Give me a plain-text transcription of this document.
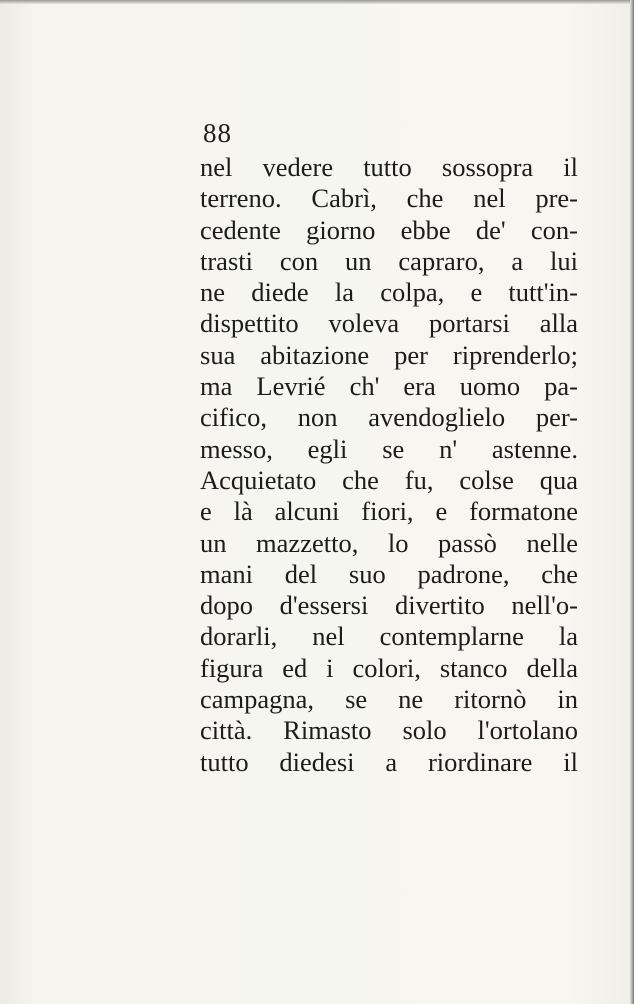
88
nel vedere tutto sossopra il
terreno. Cabrì, che nel pre-
cedente giorno ebbe de' con-
trasti con un capraro, a lui
ne diede la colpa, e tutt'in-
dispettito voleva portarsi alla
sua abitazione per riprenderlo;
ma Levrié ch' era uomo pa-
cifico, non avendoglielo per-
messo, egli se n' astenne.
Acquietato che fu, colse qua
e là alcuni fiori, e formatone
un mazzetto, lo passò nelle
mani del suo padrone, che
dopo d'essersi divertito nell'o-
dorarli, nel contemplarne la
figura ed i colori, stanco della
campagna, se ne ritornò in
città. Rimasto solo l'ortolano
tutto diedesi a riordinare il
